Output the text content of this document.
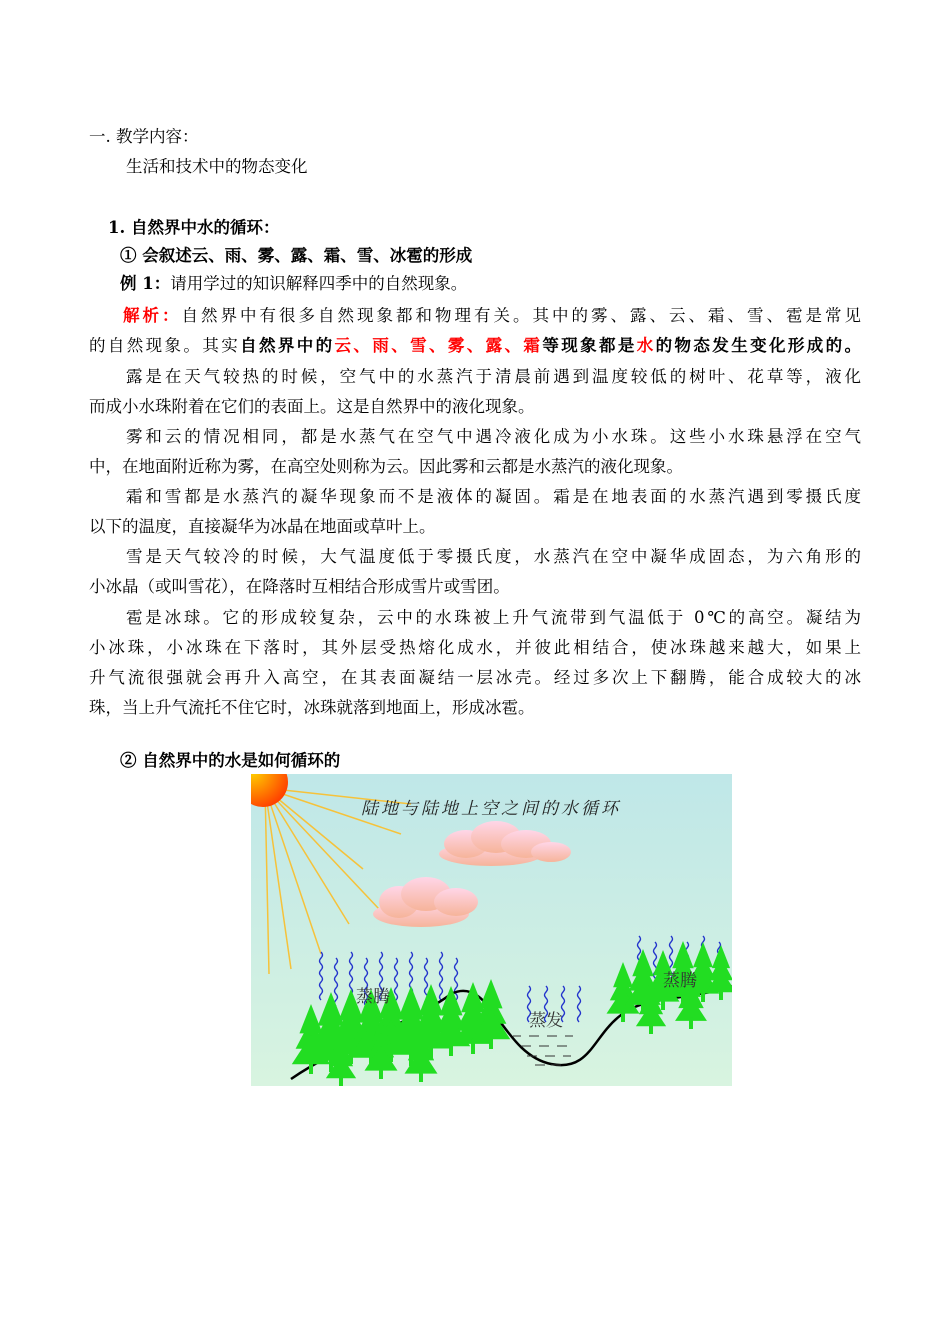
一. 教学内容：
生活和技术中的物态变化
1. 自然界中水的循环：
① 会叙述云、雨、雾、露、霜、雪、冰雹的形成
例 1：请用学过的知识解释四季中的自然现象。
解析：自然界中有很多自然现象都和物理有关。其中的雾、露、云、霜、雪、雹是常见
的自然现象。其实自然界中的云、雨、雪、雾、露、霜等现象都是水的物态发生变化形成的。
露是在天气较热的时候，空气中的水蒸汽于清晨前遇到温度较低的树叶、花草等，液化
而成小水珠附着在它们的表面上。这是自然界中的液化现象。
雾和云的情况相同，都是水蒸气在空气中遇冷液化成为小水珠。这些小水珠悬浮在空气
中，在地面附近称为雾，在高空处则称为云。因此雾和云都是水蒸汽的液化现象。
霜和雪都是水蒸汽的凝华现象而不是液体的凝固。霜是在地表面的水蒸汽遇到零摄氏度
以下的温度，直接凝华为冰晶在地面或草叶上。
雪是天气较冷的时候，大气温度低于零摄氏度，水蒸汽在空中凝华成固态，为六角形的
小冰晶（或叫雪花），在降落时互相结合形成雪片或雪团。
雹是冰球。它的形成较复杂，云中的水珠被上升气流带到气温低于 0℃的高空。凝结为
小冰珠，小冰珠在下落时，其外层受热熔化成水，并彼此相结合，使冰珠越来越大，如果上
升气流很强就会再升入高空，在其表面凝结一层冰壳。经过多次上下翻腾，能合成较大的冰
珠，当上升气流托不住它时，冰珠就落到地面上，形成冰雹。
② 自然界中的水是如何循环的
陆地与陆地上空之间的水循环
蒸腾
蒸发
蒸腾
